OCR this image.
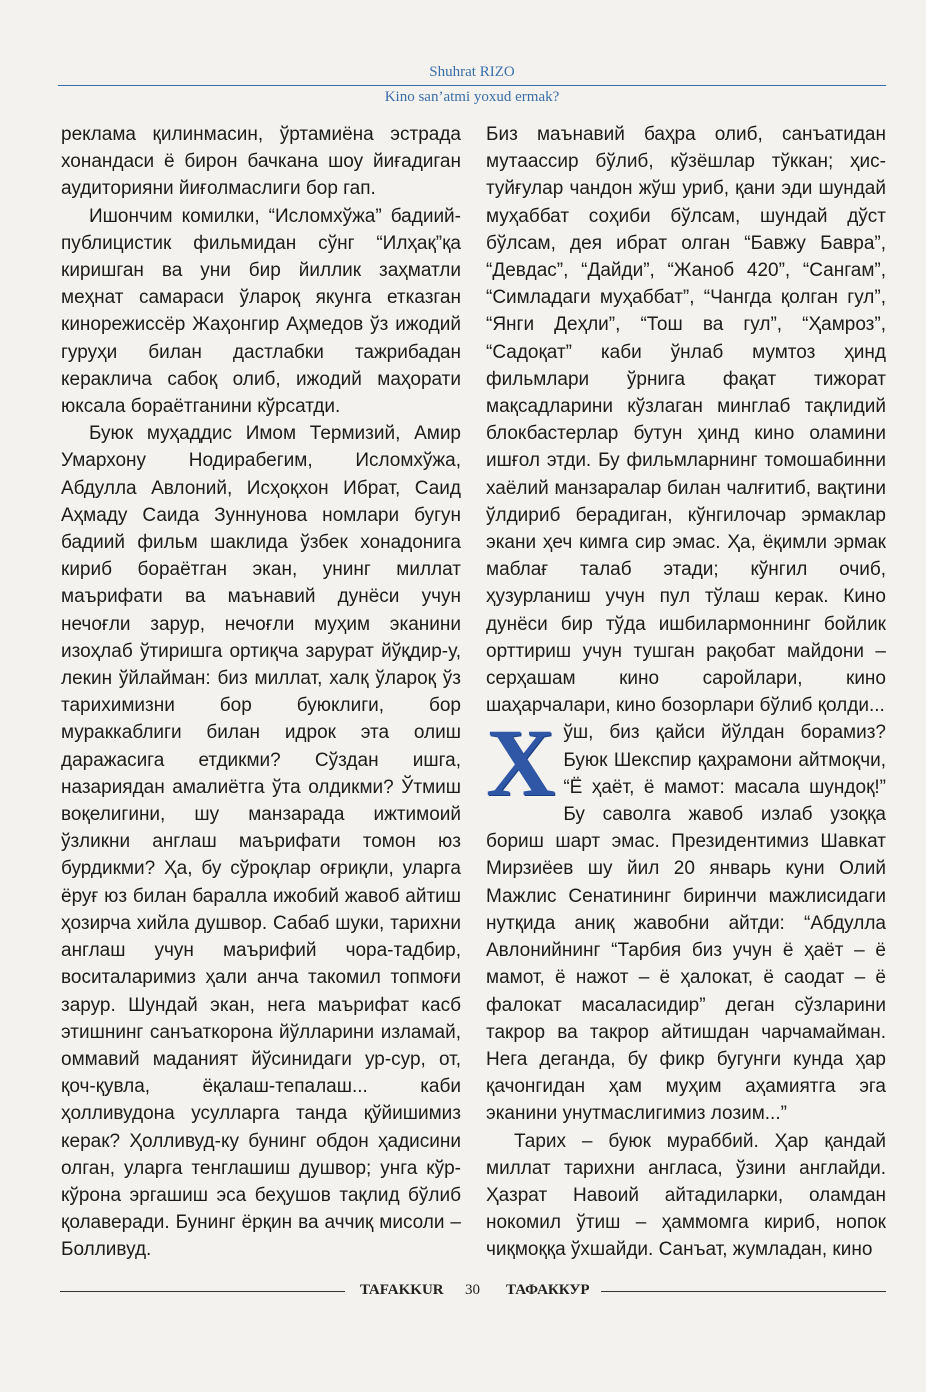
Shuhrat RIZO
Kino san’atmi yoxud ermak?

реклама қилинмасин, ўртамиёна эстрада хонандаси ё бирон бачкана шоу йиғадиган аудиторияни йиғолмаслиги бор гап.

Ишончим комилки, “Исломхўжа” бадиий-публицистик фильмидан сўнг “Илҳақ”қа киришган ва уни бир йиллик заҳматли меҳнат самараси ўлароқ якунга етказган кинорежиссёр Жаҳонгир Аҳмедов ўз ижодий гуруҳи билан дастлабки тажрибадан кераклича сабоқ олиб, ижодий маҳорати юксала бораётганини кўрсатди.

Буюк муҳаддис Имом Термизий, Амир Умархону Нодирабегим, Исломхўжа, Абдулла Авлоний, Исҳоқхон Ибрат, Саид Аҳмаду Саида Зуннунова номлари бугун бадиий фильм шаклида ўзбек хонадонига кириб бораётган экан, унинг миллат маърифати ва маънавий дунёси учун нечоғли зарур, нечоғли муҳим эканини изоҳлаб ўтиришга ортиқча зарурат йўқдир-у, лекин ўйлайман: биз миллат, халқ ўлароқ ўз тарихимизни бор буюклиги, бор мураккаблиги билан идрок эта олиш даражасига етдикми? Сўздан ишга, назариядан амалиётга ўта олдикми? Ўтмиш воқелигини, шу манзарада ижтимоий ўзликни англаш маърифати томон юз бурдикми? Ҳа, бу сўроқлар оғриқли, уларга ёруғ юз билан баралла ижобий жавоб айтиш ҳозирча хийла душвор. Сабаб шуки, тарихни англаш учун маърифий чора-тадбир, воситаларимиз ҳали анча такомил топмоғи зарур. Шундай экан, нега маърифат касб этишнинг санъаткорона йўлларини изламай, оммавий маданият йўсинидаги ур-сур, от, қоч-қувла, ёқалаш-тепалаш... каби ҳолливудона усулларга танда қўйишимиз керак? Ҳолливуд-ку бунинг обдон ҳадисини олган, уларга тенглашиш душвор; унга кўр-кўрона эргашиш эса беҳушов тақлид бўлиб қолаверади. Бунинг ёрқин ва аччиқ мисоли – Болливуд.

Биз маънавий баҳра олиб, санъатидан мутаассир бўлиб, кўзёшлар тўккан; ҳис-туйғулар чандон жўш уриб, қани эди шундай муҳаббат соҳиби бўлсам, шундай дўст бўлсам, дея ибрат олган “Бавжу Бавра”, “Девдас”, “Дайди”, “Жаноб 420”, “Сангам”, “Симладаги муҳаббат”, “Чангда қолган гул”, “Янги Деҳли”, “Тош ва гул”, “Ҳамроз”, “Садоқат” каби ўнлаб мумтоз ҳинд фильмлари ўрнига фақат тижорат мақсадларини кўзлаган минглаб тақлидий блокбастерлар бутун ҳинд кино оламини ишғол этди. Бу фильмларнинг томошабинни хаёлий манзаралар билан чалғитиб, вақтини ўлдириб берадиган, кўнгилочар эрмаклар экани ҳеч кимга сир эмас. Ҳа, ёқимли эрмак маблағ талаб этади; кўнгил очиб, ҳузурланиш учун пул тўлаш керак. Кино дунёси бир тўда ишбилармоннинг бойлик орттириш учун тушган рақобат майдони – серҳашам кино саройлари, кино шаҳарчалари, кино бозорлари бўлиб қолди...

Х ўш, биз қайси йўлдан борамиз? Буюк Шекспир қаҳрамони айтмоқчи, “Ё ҳаёт, ё мамот: масала шундоқ!” Бу саволга жавоб излаб узоққа бориш шарт эмас. Президентимиз Шавкат Мирзиёев шу йил 20 январь куни Олий Мажлис Сенатининг биринчи мажлисидаги нутқида аниқ жавобни айтди: “Абдулла Авлонийнинг “Тарбия биз учун ё ҳаёт – ё мамот, ё нажот – ё ҳалокат, ё саодат – ё фалокат масаласидир” деган сўзларини такрор ва такрор айтишдан чарчамайман. Нега деганда, бу фикр бугунги кунда ҳар қачонгидан ҳам муҳим аҳамиятга эга эканини унутмаслигимиз лозим...”

Тарих – буюк мураббий. Ҳар қандай миллат тарихни англаса, ўзини англайди. Ҳазрат Навоий айтадиларки, оламдан нокомил ўтиш – ҳаммомга кириб, нопок чиқмоққа ўхшайди. Санъат, жумладан, кино

TAFAKKUR 30 ТАФАККУР
